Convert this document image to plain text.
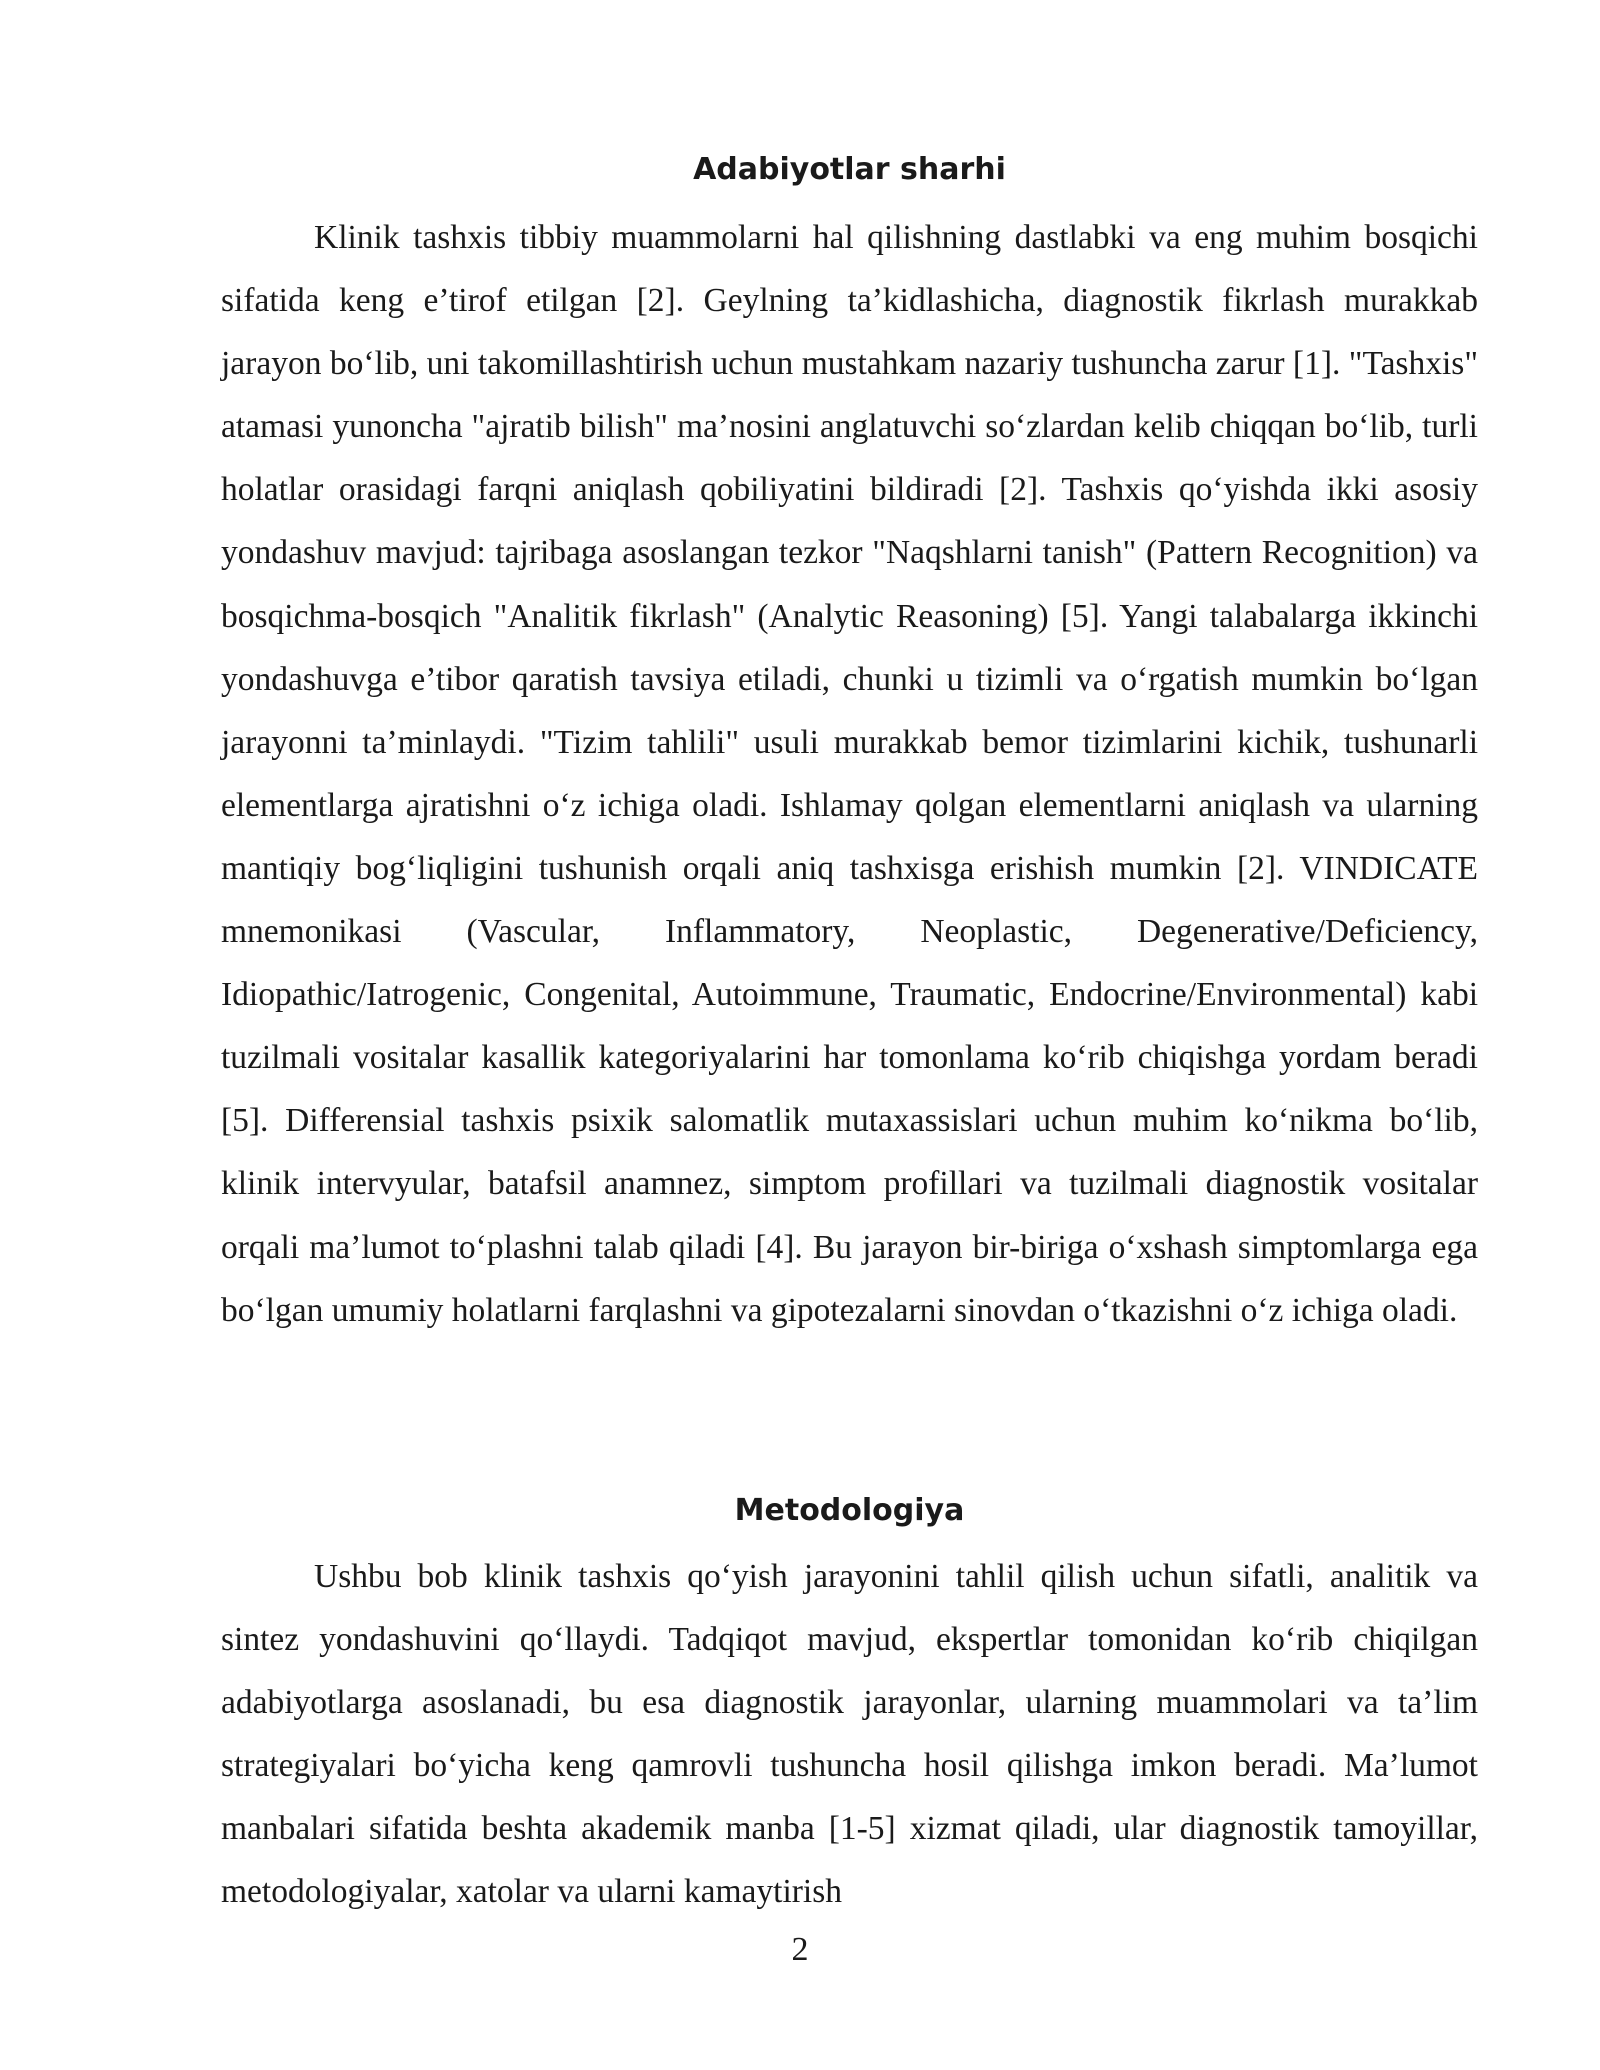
Adabiyotlar sharhi

Klinik tashxis tibbiy muammolarni hal qilishning dastlabki va eng muhim bosqichi sifatida keng e’tirof etilgan [2]. Geylning ta’kidlashicha, diagnostik fikrlash murakkab jarayon bo‘lib, uni takomillashtirish uchun mustahkam nazariy tushuncha zarur [1]. "Tashxis" atamasi yunoncha "ajratib bilish" ma’nosini anglatuvchi so‘zlardan kelib chiqqan bo‘lib, turli holatlar orasidagi farqni aniqlash qobiliyatini bildiradi [2]. Tashxis qo‘yishda ikki asosiy yondashuv mavjud: tajribaga asoslangan tezkor "Naqshlarni tanish" (Pattern Recognition) va bosqichma-bosqich "Analitik fikrlash" (Analytic Reasoning) [5]. Yangi talabalarga ikkinchi yondashuvga e’tibor qaratish tavsiya etiladi, chunki u tizimli va o‘rgatish mumkin bo‘lgan jarayonni ta’minlaydi. "Tizim tahlili" usuli murakkab bemor tizimlarini kichik, tushunarli elementlarga ajratishni o‘z ichiga oladi. Ishlamay qolgan elementlarni aniqlash va ularning mantiqiy bog‘liqligini tushunish orqali aniq tashxisga erishish mumkin [2]. VINDICATE mnemonikasi (Vascular, Inflammatory, Neoplastic, Degenerative/Deficiency, Idiopathic/Iatrogenic, Congenital, Autoimmune, Traumatic, Endocrine/Environmental) kabi tuzilmali vositalar kasallik kategoriyalarini har tomonlama ko‘rib chiqishga yordam beradi [5]. Differensial tashxis psixik salomatlik mutaxassislari uchun muhim ko‘nikma bo‘lib, klinik intervyular, batafsil anamnez, simptom profillari va tuzilmali diagnostik vositalar orqali ma’lumot to‘plashni talab qiladi [4]. Bu jarayon bir-biriga o‘xshash simptomlarga ega bo‘lgan umumiy holatlarni farqlashni va gipotezalarni sinovdan o‘tkazishni o‘z ichiga oladi.

Metodologiya

Ushbu bob klinik tashxis qo‘yish jarayonini tahlil qilish uchun sifatli, analitik va sintez yondashuvini qo‘llaydi. Tadqiqot mavjud, ekspertlar tomonidan ko‘rib chiqilgan adabiyotlarga asoslanadi, bu esa diagnostik jarayonlar, ularning muammolari va ta’lim strategiyalari bo‘yicha keng qamrovli tushuncha hosil qilishga imkon beradi. Ma’lumot manbalari sifatida beshta akademik manba [1-5] xizmat qiladi, ular diagnostik tamoyillar, metodologiyalar, xatolar va ularni kamaytirish

2
